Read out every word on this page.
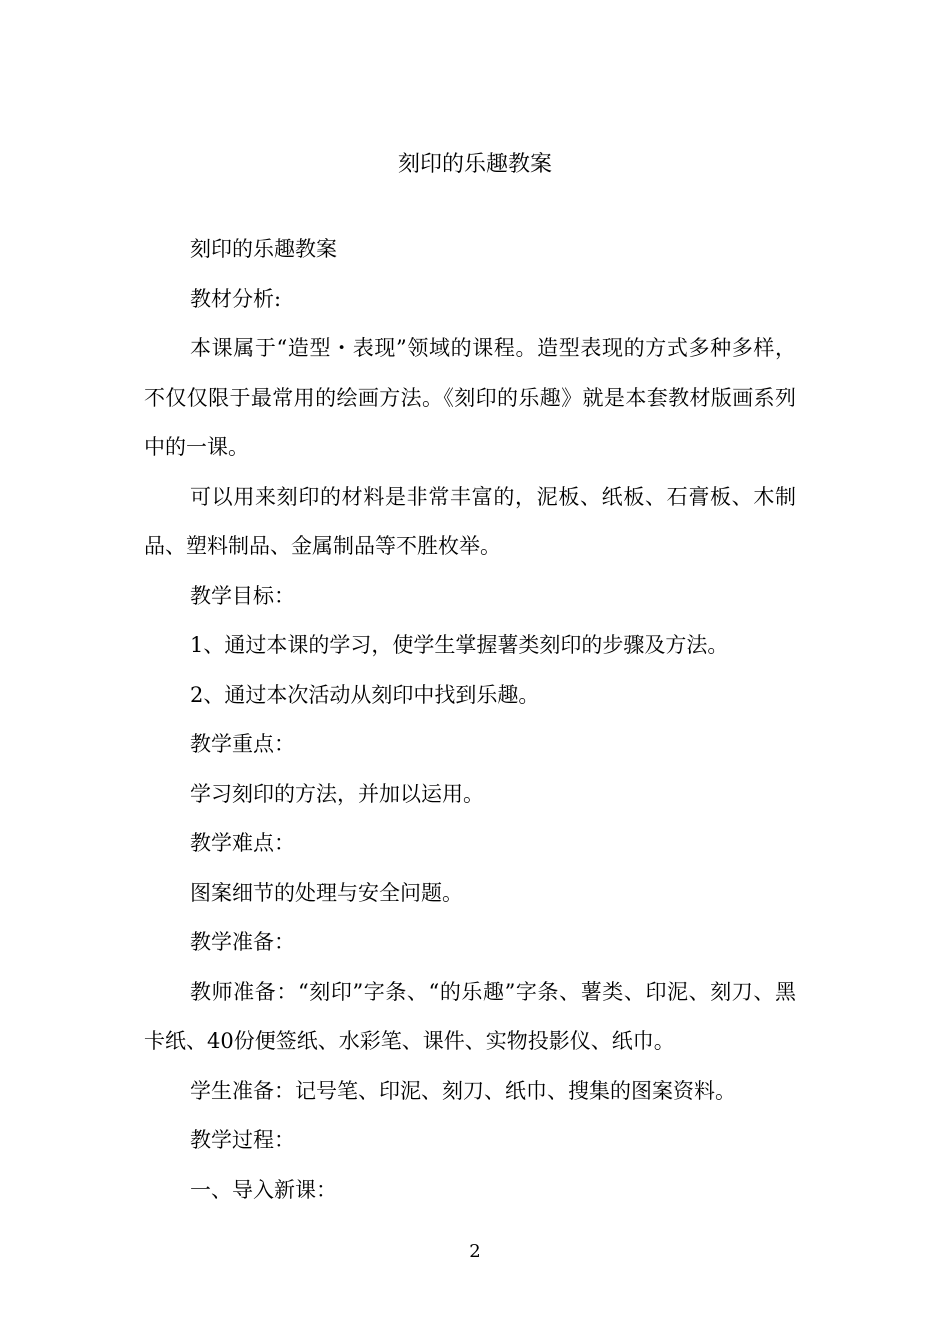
刻印的乐趣教案

刻印的乐趣教案

教材分析:

本课属于“造型・表现”领域的课程。造型表现的方式多种多样，不仅仅限于最常用的绘画方法。《刻印的乐趣》就是本套教材版画系列中的一课。

可以用来刻印的材料是非常丰富的，泥板、纸板、石膏板、木制品、塑料制品、金属制品等不胜枚举。

教学目标：

1、通过本课的学习，使学生掌握薯类刻印的步骤及方法。

2、通过本次活动从刻印中找到乐趣。

教学重点：

学习刻印的方法，并加以运用。

教学难点：

图案细节的处理与安全问题。

教学准备：

教师准备：“刻印”字条、“的乐趣”字条、薯类、印泥、刻刀、黑卡纸、40份便签纸、水彩笔、课件、实物投影仪、纸巾。

学生准备：记号笔、印泥、刻刀、纸巾、搜集的图案资料。

教学过程：

一、导入新课：

2
